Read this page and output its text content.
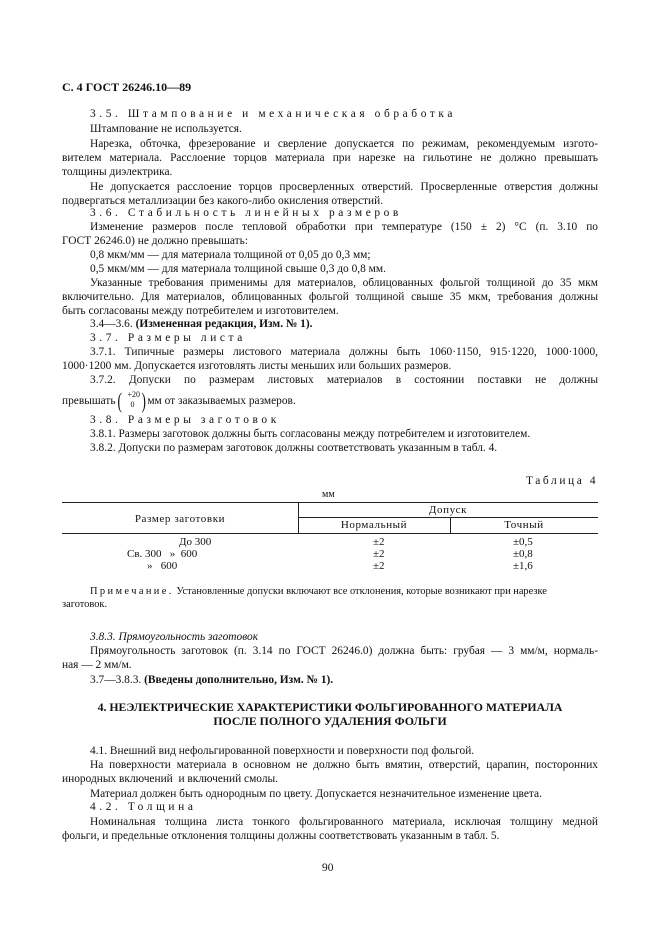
С. 4 ГОСТ 26246.10—89
3.5. Штампование и механическая обработка
Штампование не используется.
Нарезка, обточка, фрезерование и сверление допускается по режимам, рекомендуемым изгото-
вителем материала. Расслоение торцов материала при нарезке на гильотине не должно превышать
толщины диэлектрика.
Не допускается расслоение торцов просверленных отверстий. Просверленные отверстия должны
подвергаться металлизации без какого-либо окисления отверстий.
3.6. Стабильность линейных размеров
Изменение размеров после тепловой обработки при температуре (150 ± 2) °С (п. 3.10 по
ГОСТ 26246.0) не должно превышать:
0,8 мкм/мм — для материала толщиной от 0,05 до 0,3 мм;
0,5 мкм/мм — для материала толщиной свыше 0,3 до 0,8 мм.
Указанные требования применимы для материалов, облицованных фольгой толщиной до 35 мкм
включительно. Для материалов, облицованных фольгой толщиной свыше 35 мкм, требования должны
быть согласованы между потребителем и изготовителем.
3.4—3.6. (Измененная редакция, Изм. № 1).
3.7. Размеры листа
3.7.1. Типичные размеры листового материала должны быть 1060·1150, 915·1220, 1000·1000,
1000·1200 мм. Допускается изготовлять листы меньших или больших размеров.
3.7.2. Допуски по размерам листовых материалов в состоянии поставки не должны
превышать ( +20
0 ) мм от заказываемых размеров.
3.8. Размеры заготовок
3.8.1. Размеры заготовок должны быть согласованы между потребителем и изготовителем.
3.8.2. Допуски по размерам заготовок должны соответствовать указанным в табл. 4.
Таблица 4
мм
Размер заготовки
Допуск
Нормальный	Точный
До 300	±2	±0,5
Св. 300   »  600	±2	±0,8
»   600	±2	±1,6
Примечание. Установленные допуски включают все отклонения, которые возникают при нарезке
заготовок.
3.8.3. Прямоугольность заготовок
Прямоугольность заготовок (п. 3.14 по ГОСТ 26246.0) должна быть: грубая — 3 мм/м, нормаль-
ная — 2 мм/м.
3.7—3.8.3. (Введены дополнительно, Изм. № 1).
4. НЕЭЛЕКТРИЧЕСКИЕ ХАРАКТЕРИСТИКИ ФОЛЬГИРОВАННОГО МАТЕРИАЛА
ПОСЛЕ ПОЛНОГО УДАЛЕНИЯ ФОЛЬГИ
4.1. Внешний вид нефольгированной поверхности и поверхности под фольгой.
На поверхности материала в основном не должно быть вмятин, отверстий, царапин, посторонних
инородных включений  и включений смолы.
Материал должен быть однородным по цвету. Допускается незначительное изменение цвета.
4.2. Толщина
Номинальная толщина листа тонкого фольгированного материала, исключая толщину медной
фольги, и предельные отклонения толщины должны соответствовать указанным в табл. 5.
90
